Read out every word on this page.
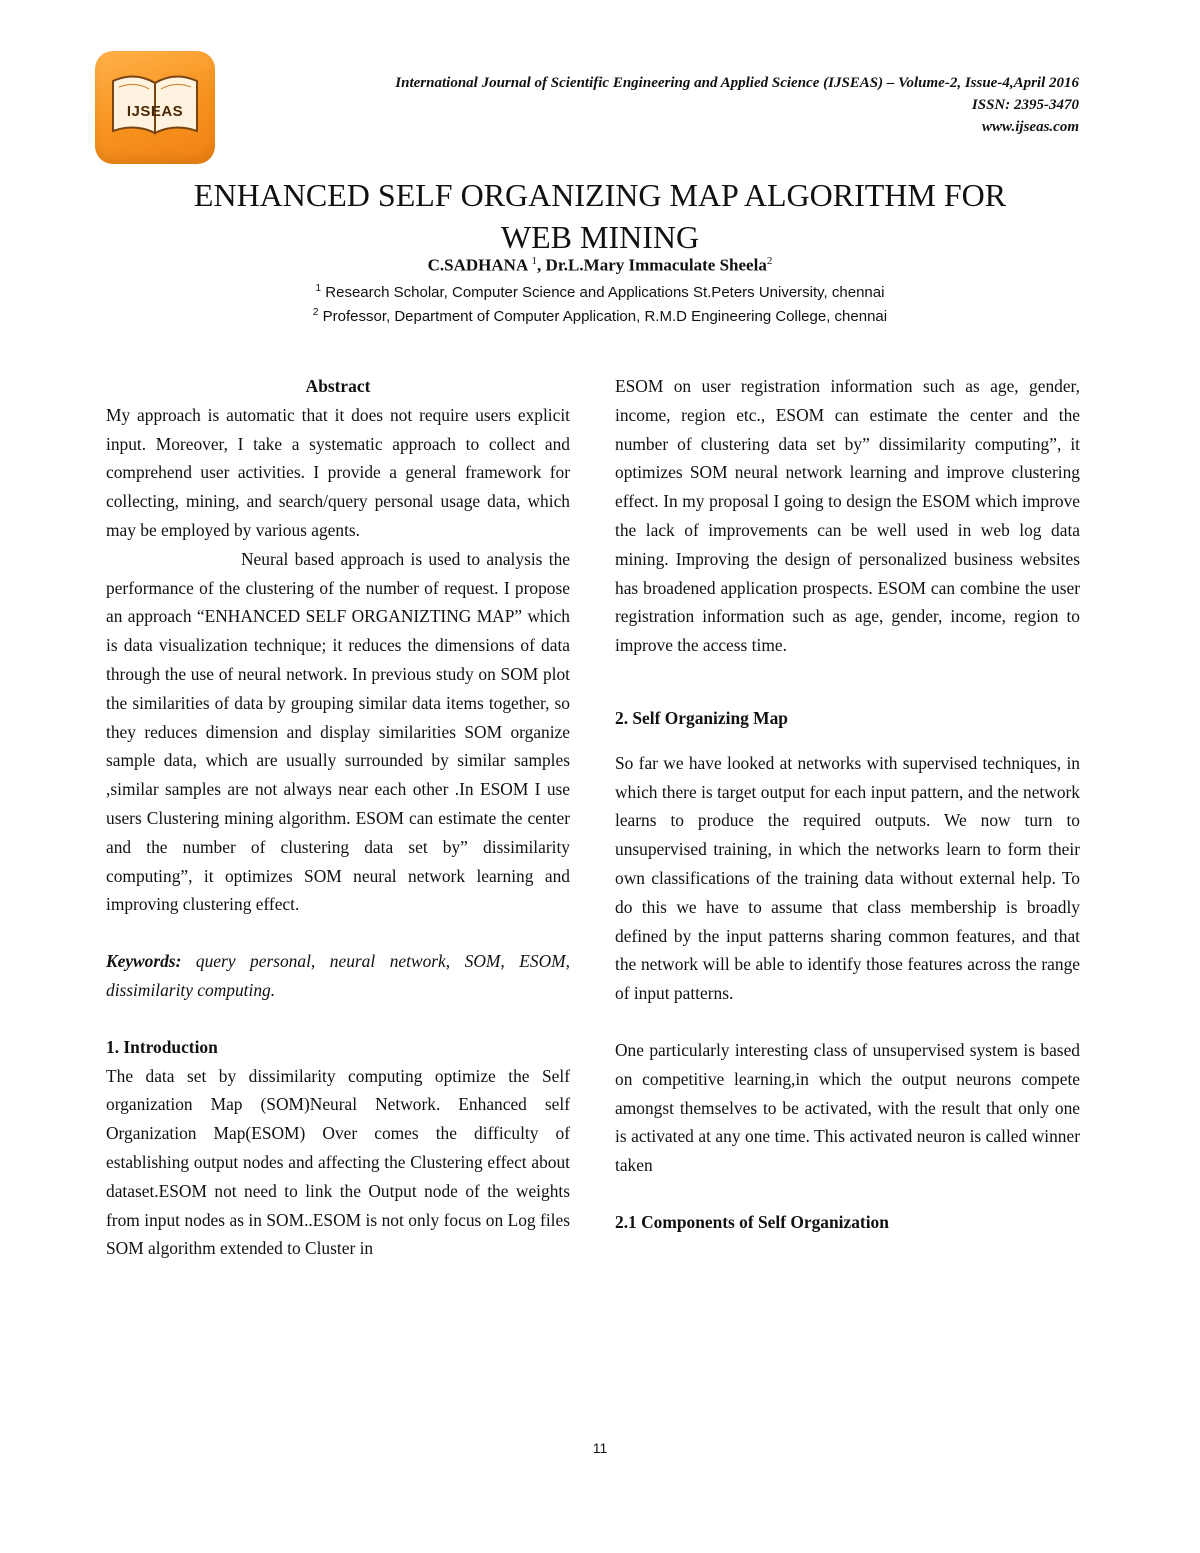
IJSEAS
International Journal of Scientific Engineering and Applied Science (IJSEAS) – Volume-2, Issue-4,April 2016
ISSN: 2395-3470
www.ijseas.com
ENHANCED SELF ORGANIZING MAP ALGORITHM FOR
WEB MINING
C.SADHANA $^1$, Dr.L.Mary Immaculate Sheela$^2$
$^1$ Research Scholar, Computer Science and Applications St.Peters University, chennai
$^2$ Professor, Department of Computer Application, R.M.D Engineering College, chennai

Abstract

My approach is automatic that it does not require users explicit input. Moreover, I take a systematic approach to collect and comprehend user activities. I provide a general framework for collecting, mining, and search/query personal usage data, which may be employed by various agents.

Neural based approach is used to analysis the performance of the clustering of the number of request. I propose an approach “ENHANCED SELF ORGANIZTING MAP” which is data visualization technique; it reduces the dimensions of data through the use of neural network. In previous study on SOM plot the similarities of data by grouping similar data items together, so they reduces dimension and display similarities SOM organize sample data, which are usually surrounded by similar samples ,similar samples are not always near each other .In ESOM I use users Clustering mining algorithm. ESOM can estimate the center and the number of clustering data set by” dissimilarity computing”, it optimizes SOM neural network learning and improving clustering effect.

Keywords: query personal, neural network, SOM, ESOM, dissimilarity computing.

1. Introduction

The data set by dissimilarity computing optimize the Self organization Map (SOM)Neural Network. Enhanced self Organization Map(ESOM) Over comes the difficulty of establishing output nodes and affecting the Clustering effect about dataset.ESOM not need to link the Output node of the weights from input nodes as in SOM..ESOM is not only focus on Log files SOM algorithm extended to Cluster in

ESOM on user registration information such as age, gender, income, region etc., ESOM can estimate the center and the number of clustering data set by” dissimilarity computing”, it optimizes SOM neural network learning and improve clustering effect. In my proposal I going to design the ESOM which improve the lack of improvements can be well used in web log data mining. Improving the design of personalized business websites has broadened application prospects. ESOM can combine the user registration information such as age, gender, income, region to improve the access time.

2. Self Organizing Map

So far we have looked at networks with supervised techniques, in which there is target output for each input pattern, and the network learns to produce the required outputs. We now turn to unsupervised training, in which the networks learn to form their own classifications of the training data without external help. To do this we have to assume that class membership is broadly defined by the input patterns sharing common features, and that the network will be able to identify those features across the range of input patterns.

One particularly interesting class of unsupervised system is based on competitive learning,in which the output neurons compete amongst themselves to be activated, with the result that only one is activated at any one time. This activated neuron is called winner taken

2.1 Components of Self Organization

11
